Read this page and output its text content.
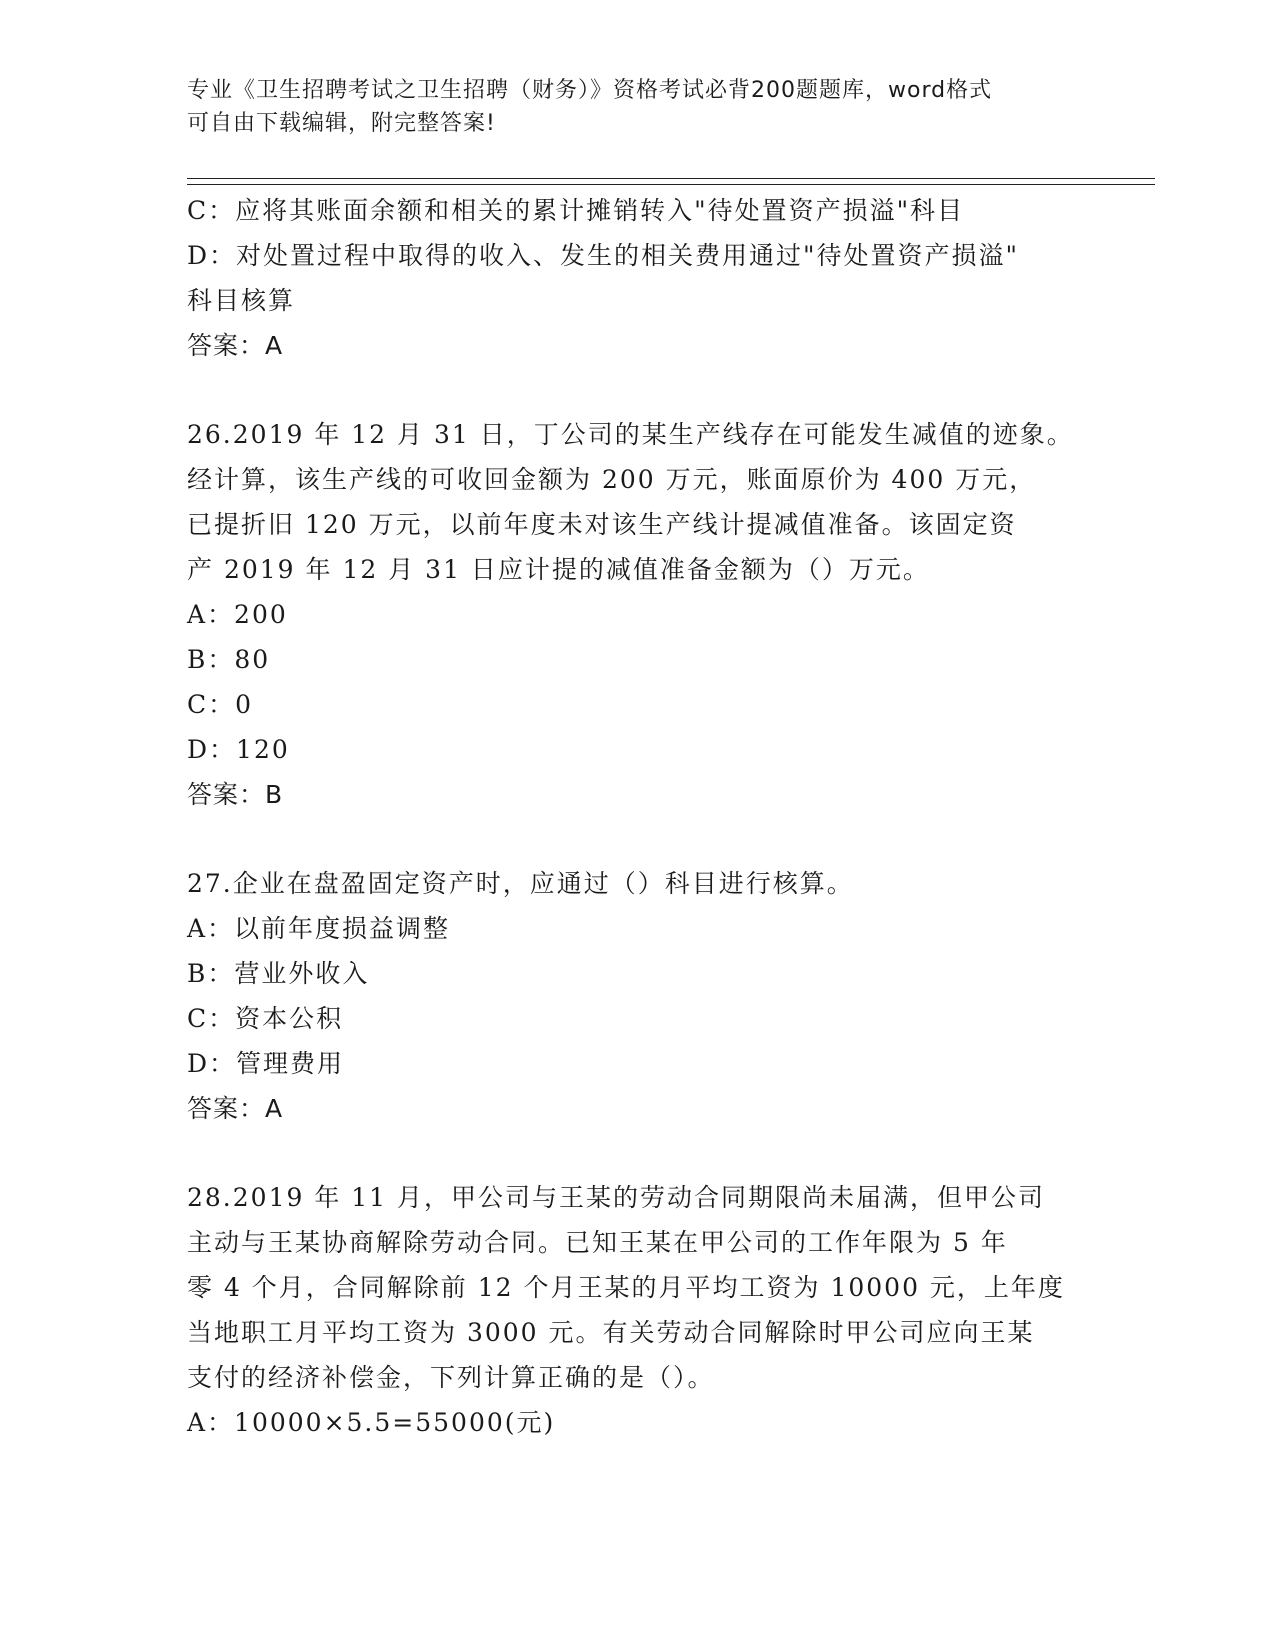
专业《卫生招聘考试之卫生招聘（财务）》资格考试必背200题题库，word格式
可自由下载编辑，附完整答案!
C：应将其账面余额和相关的累计摊销转入"待处置资产损溢"科目
D：对处置过程中取得的收入、发生的相关费用通过"待处置资产损溢"
科目核算
答案：A
26.2019 年 12 月 31 日，丁公司的某生产线存在可能发生减值的迹象。
经计算，该生产线的可收回金额为 200 万元，账面原价为 400 万元，
已提折旧 120 万元，以前年度未对该生产线计提减值准备。该固定资
产 2019 年 12 月 31 日应计提的减值准备金额为（）万元。
A：200
B：80
C：0
D：120
答案：B
27.企业在盘盈固定资产时，应通过（）科目进行核算。
A：以前年度损益调整
B：营业外收入
C：资本公积
D：管理费用
答案：A
28.2019 年 11 月，甲公司与王某的劳动合同期限尚未届满，但甲公司
主动与王某协商解除劳动合同。已知王某在甲公司的工作年限为 5 年
零 4 个月，合同解除前 12 个月王某的月平均工资为 10000 元，上年度
当地职工月平均工资为 3000 元。有关劳动合同解除时甲公司应向王某
支付的经济补偿金，下列计算正确的是（）。
A：10000×5.5=55000(元)
